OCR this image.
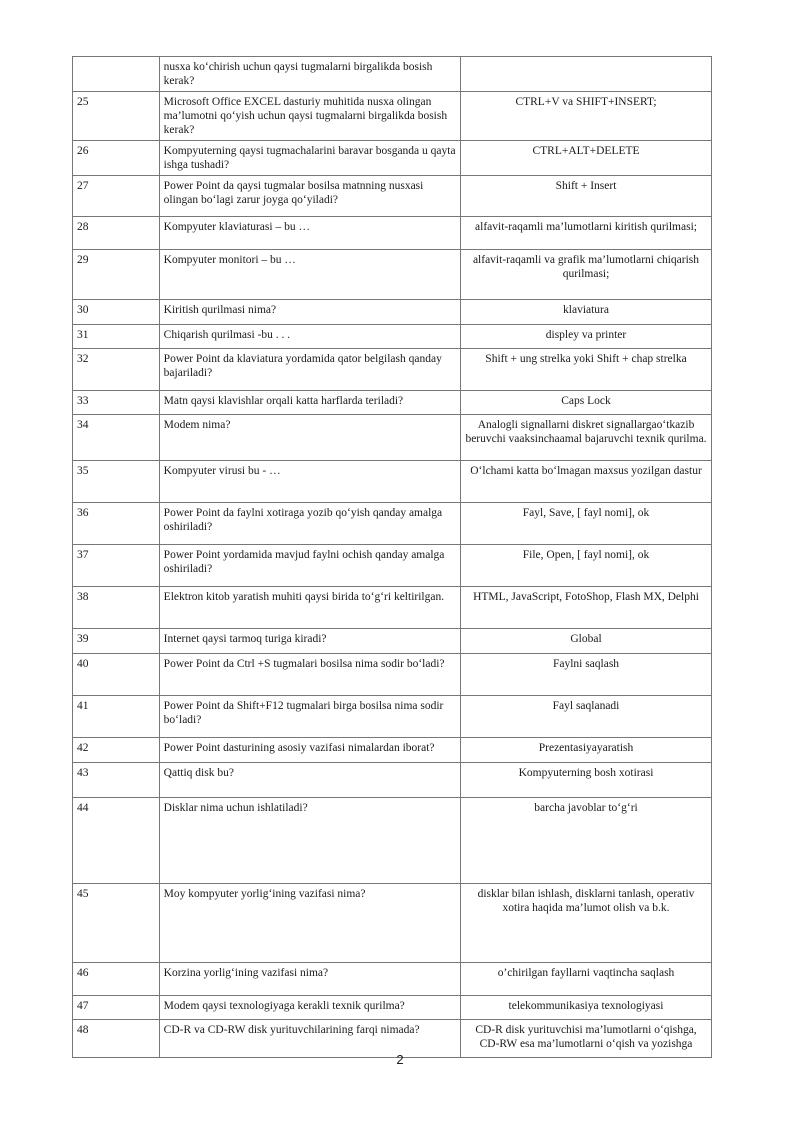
	nusxa ko‘chirish uchun qaysi tugmalarni birgalikda bosish kerak?	
25	Microsoft Office EXCEL dasturiy muhitida nusxa olingan ma’lumotni qo‘yish uchun qaysi tugmalarni birgalikda bosish kerak?	CTRL+V va SHIFT+INSERT;
26	Kompyuterning qaysi tugmachalarini baravar bosganda u qayta ishga tushadi?	CTRL+ALT+DELETE
27	Power Point da qaysi tugmalar bosilsa matnning nusxasi olingan bo‘lagi zarur joyga qo‘yiladi?	Shift + Insert
28	Kompyuter klaviaturasi – bu …	alfavit-raqamli ma’lumotlarni kiritish qurilmasi;
29	Kompyuter monitori – bu …	alfavit-raqamli va grafik ma’lumotlarni chiqarish qurilmasi;
30	Kiritish qurilmasi nima?	klaviatura
31	Chiqarish qurilmasi -bu . . .	displey va printer
32	Power Point da klaviatura yordamida qator belgilash qanday bajariladi?	Shift + ung strelka yoki Shift + chap strelka
33	Matn qaysi klavishlar orqali katta harflarda teriladi?	Caps Lock
34	Modem nima?	Analogli signallarni diskret signallargao‘tkazib beruvchi vaaksinchaamal bajaruvchi texnik qurilma.
35	Kompyuter virusi bu - …	O‘lchami katta bo‘lmagan maxsus yozilgan dastur
36	Power Point da faylni xotiraga yozib qo‘yish qanday amalga oshiriladi?	Fayl, Save, [ fayl nomi], ok
37	Power Point yordamida mavjud faylni ochish qanday amalga oshiriladi?	File, Open, [ fayl nomi], ok
38	Elektron kitob yaratish muhiti qaysi birida to‘g‘ri keltirilgan.	HTML, JavaScript, FotoShop, Flash MX, Delphi
39	Internet qaysi tarmoq turiga kiradi?	Global
40	Power Point da Ctrl +S tugmalari bosilsa nima sodir bo‘ladi?	Faylni saqlash
41	Power Point da Shift+F12 tugmalari birga bosilsa nima sodir bo‘ladi?	Fayl saqlanadi
42	Power Point dasturining asosiy vazifasi nimalardan iborat?	Prezentasiyayaratish
43	Qattiq disk bu?	Kompyuterning bosh xotirasi
44	Disklar nima uchun ishlatiladi?	barcha javoblar to‘g‘ri
45	Moy kompyuter yorlig‘ining vazifasi nima?	disklar bilan ishlash, disklarni tanlash, operativ xotira haqida ma’lumot olish va b.k.
46	Korzina yorlig‘ining vazifasi nima?	o’chirilgan fayllarni vaqtincha saqlash
47	Modem qaysi texnologiyaga kerakli texnik qurilma?	telekommunikasiya texnologiyasi
48	CD-R va CD-RW disk yurituvchilarining farqi nimada?	CD-R disk yurituvchisi ma’lumotlarni o‘qishga, CD-RW esa ma’lumotlarni o‘qish va yozishga
2
